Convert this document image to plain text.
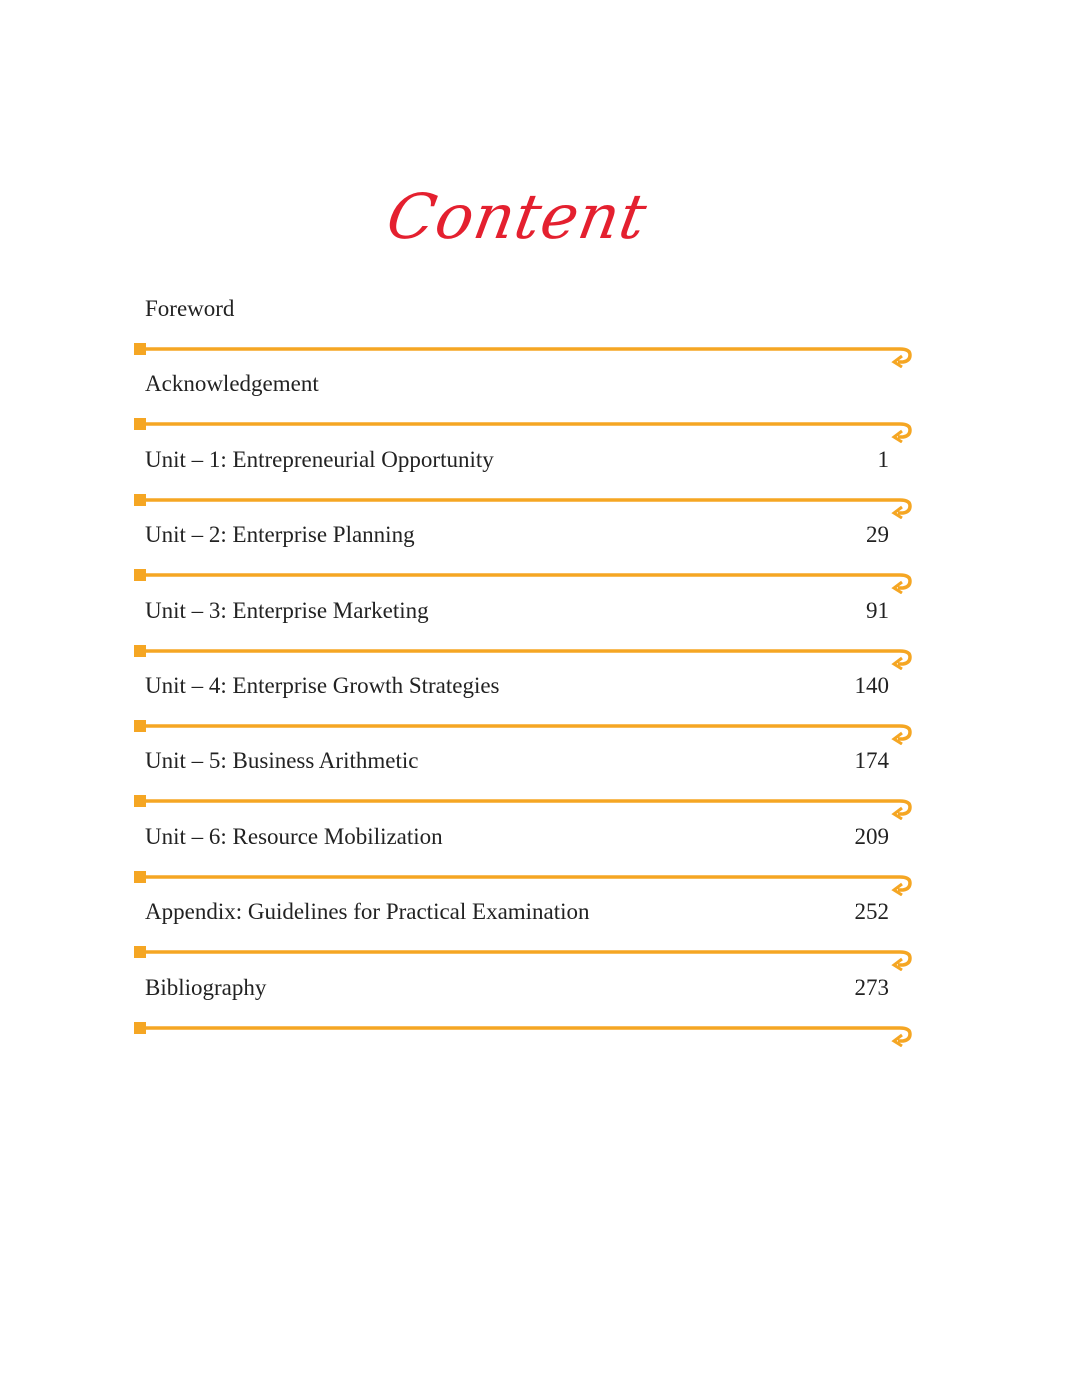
Content
Foreword
Acknowledgement
Unit – 1: Entrepreneurial Opportunity	1
Unit – 2: Enterprise Planning	29
Unit – 3: Enterprise Marketing	91
Unit – 4: Enterprise Growth Strategies	140
Unit – 5: Business Arithmetic	174
Unit – 6: Resource Mobilization	209
Appendix: Guidelines for Practical Examination	252
Bibliography	273
